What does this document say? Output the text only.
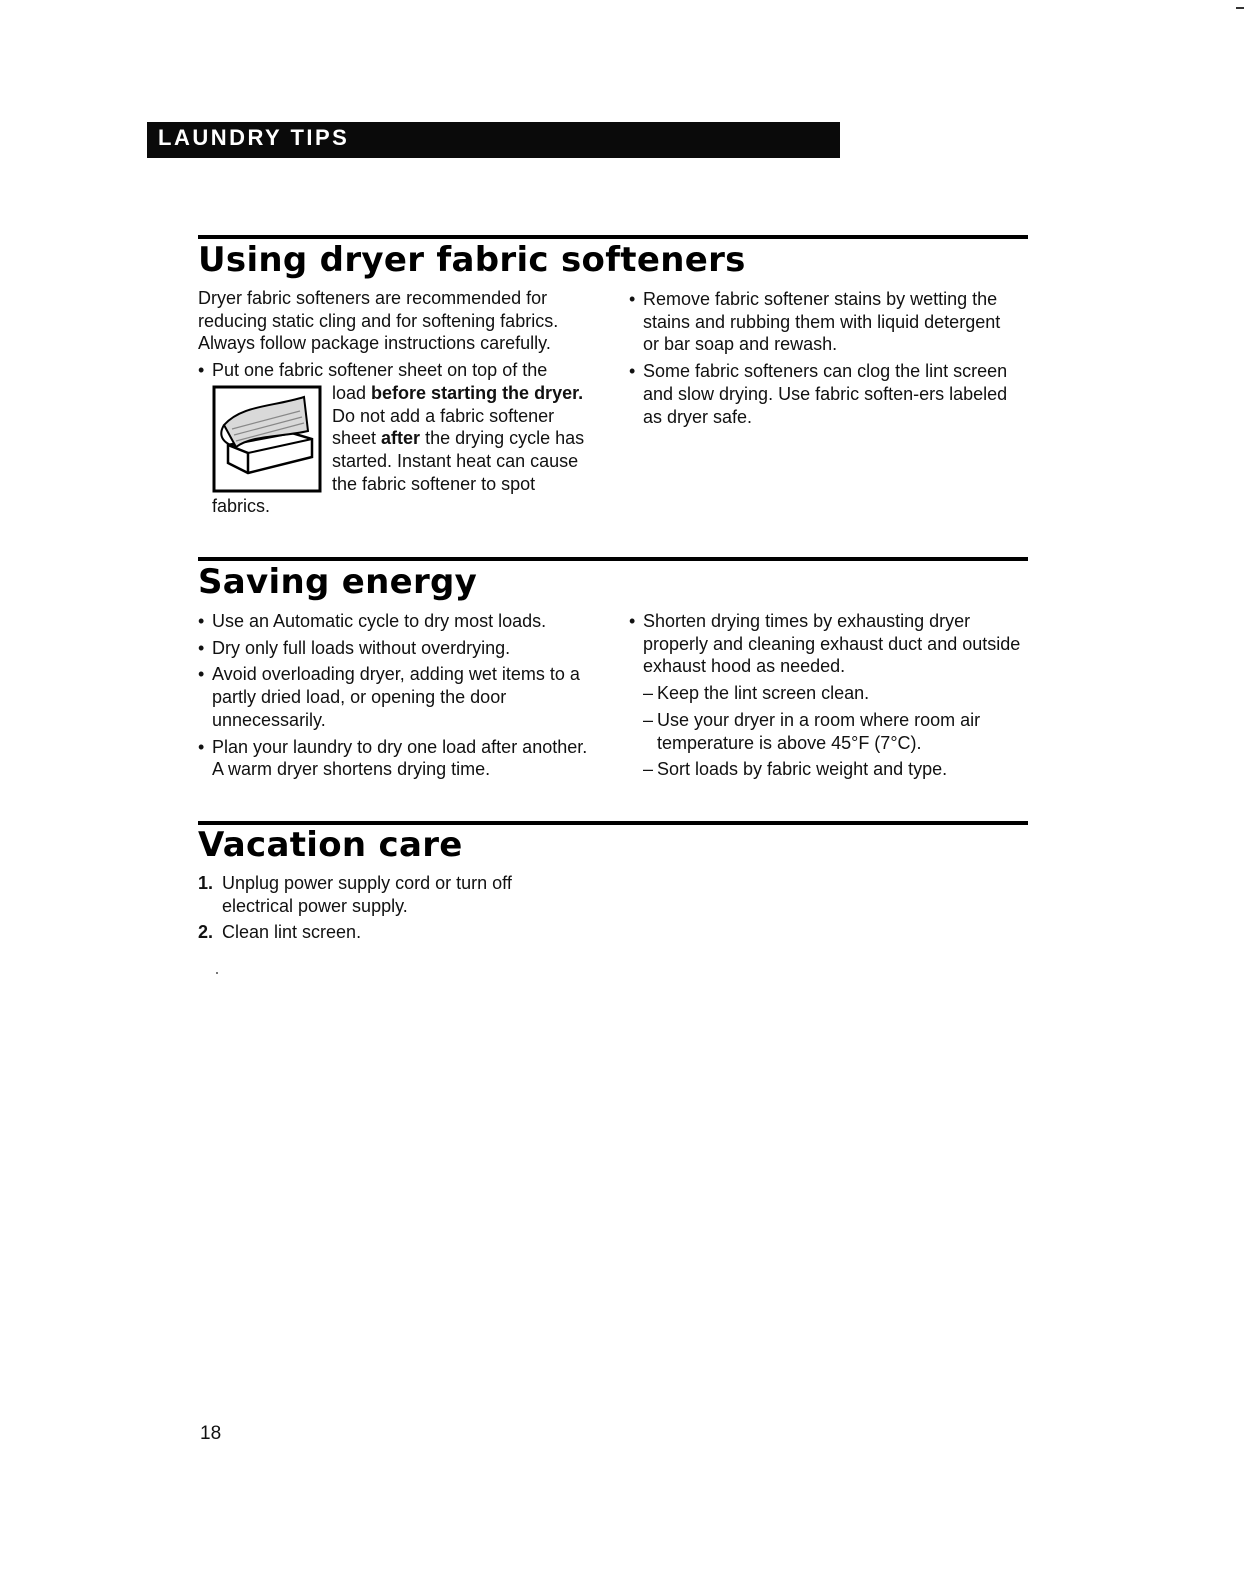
LAUNDRY TIPS
Using dryer fabric softeners
Dryer fabric softeners are recommended for reducing static cling and for softening fabrics. Always follow package instructions carefully.
• Put one fabric softener sheet on top of the
load before starting the dryer. Do not add a fabric softener sheet after the drying cycle has started. Instant heat can cause the fabric softener to spot fabrics.
• Remove fabric softener stains by wetting the stains and rubbing them with liquid detergent or bar soap and rewash.
• Some fabric softeners can clog the lint screen and slow drying. Use fabric soften-ers labeled as dryer safe.
Saving energy
• Use an Automatic cycle to dry most loads.
• Dry only full loads without overdrying.
• Avoid overloading dryer, adding wet items to a partly dried load, or opening the door unnecessarily.
• Plan your laundry to dry one load after another. A warm dryer shortens drying time.
• Shorten drying times by exhausting dryer properly and cleaning exhaust duct and outside exhaust hood as needed.
– Keep the lint screen clean.
– Use your dryer in a room where room air temperature is above 45°F (7°C).
– Sort loads by fabric weight and type.
Vacation care
1. Unplug power supply cord or turn off electrical power supply.
2. Clean lint screen.
18
